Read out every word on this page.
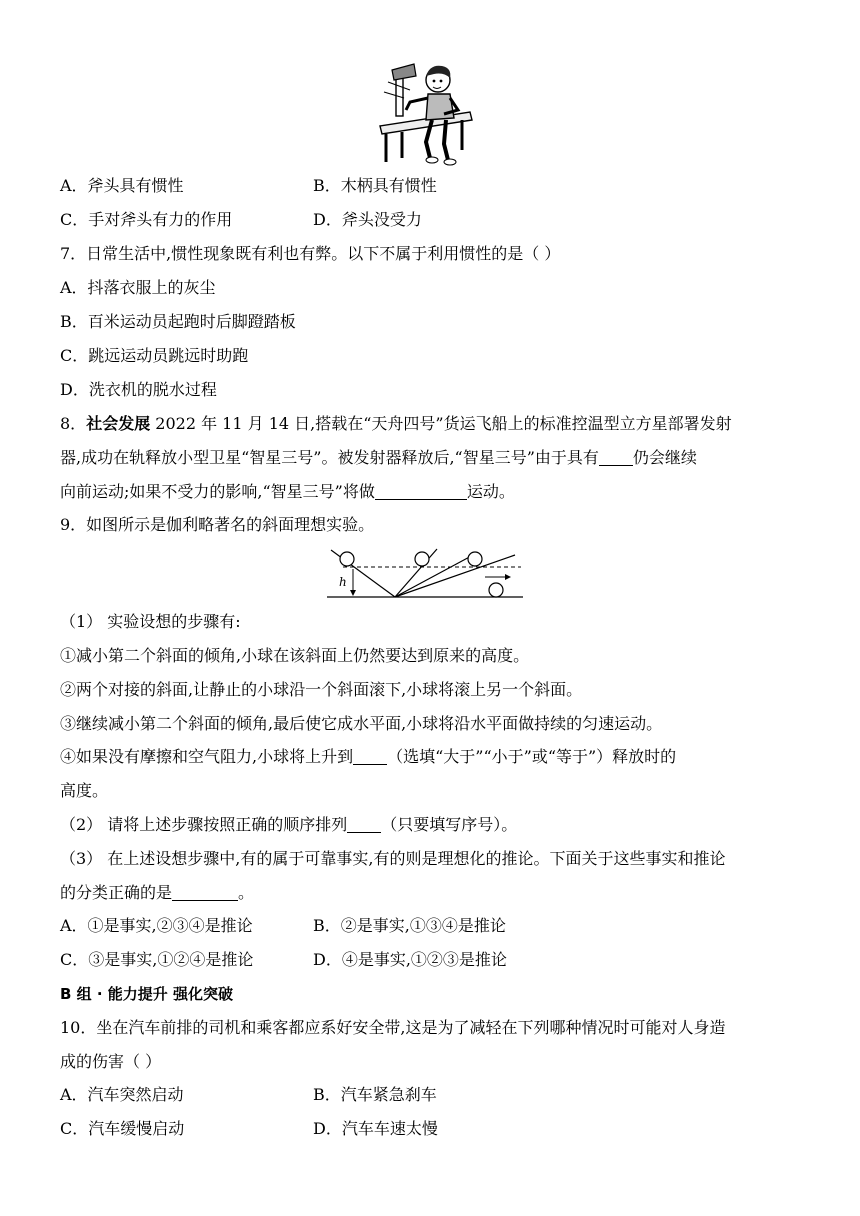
A．斧头具有惯性	B．木柄具有惯性
C．手对斧头有力的作用	D．斧头没受力
7．日常生活中,惯性现象既有利也有弊。以下不属于利用惯性的是（ ）
A．抖落衣服上的灰尘
B．百米运动员起跑时后脚蹬踏板
C．跳远运动员跳远时助跑
D．洗衣机的脱水过程
8．社会发展 2022 年 11 月 14 日,搭载在“天舟四号”货运飞船上的标准控温型立方星部署发射
器,成功在轨释放小型卫星“智星三号”。被发射器释放后,“智星三号”由于具有 仍会继续
向前运动;如果不受力的影响,“智星三号”将做	运动。
9．如图所示是伽利略著名的斜面理想实验。
h
（1） 实验设想的步骤有:
①减小第二个斜面的倾角,小球在该斜面上仍然要达到原来的高度。
②两个对接的斜面,让静止的小球沿一个斜面滚下,小球将滚上另一个斜面。
③继续减小第二个斜面的倾角,最后使它成水平面,小球将沿水平面做持续的匀速运动。
④如果没有摩擦和空气阻力,小球将上升到 （选填“大于”“小于”或“等于”）释放时的
高度。
（2） 请将上述步骤按照正确的顺序排列 （只要填写序号）。
（3） 在上述设想步骤中,有的属于可靠事实,有的则是理想化的推论。下面关于这些事实和推论
的分类正确的是	。
A．①是事实,②③④是推论	B．②是事实,①③④是推论
C．③是事实,①②④是推论	D．④是事实,①②③是推论
B 组 · 能力提升 强化突破
10．坐在汽车前排的司机和乘客都应系好安全带,这是为了减轻在下列哪种情况时可能对人身造
成的伤害（ ）
A．汽车突然启动	B．汽车紧急刹车
C．汽车缓慢启动	D．汽车车速太慢
